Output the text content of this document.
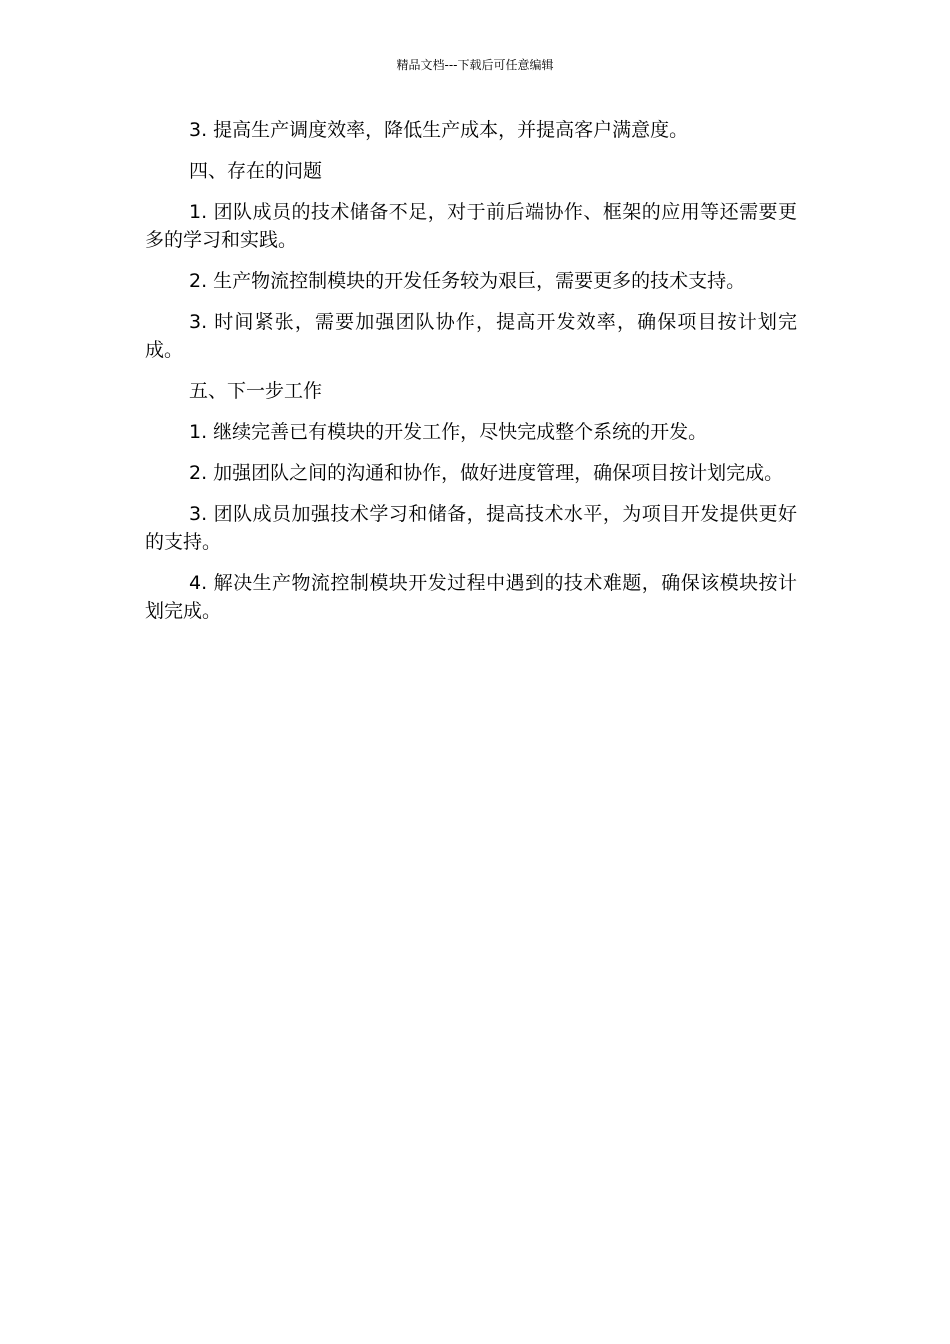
精品文档---下载后可任意编辑

3. 提高生产调度效率，降低生产成本，并提高客户满意度。

四、存在的问题

1. 团队成员的技术储备不足，对于前后端协作、框架的应用等还需要更多的学习和实践。

2. 生产物流控制模块的开发任务较为艰巨，需要更多的技术支持。

3. 时间紧张，需要加强团队协作，提高开发效率，确保项目按计划完成。

五、下一步工作

1. 继续完善已有模块的开发工作，尽快完成整个系统的开发。

2. 加强团队之间的沟通和协作，做好进度管理，确保项目按计划完成。

3. 团队成员加强技术学习和储备，提高技术水平，为项目开发提供更好的支持。

4. 解决生产物流控制模块开发过程中遇到的技术难题，确保该模块按计划完成。
